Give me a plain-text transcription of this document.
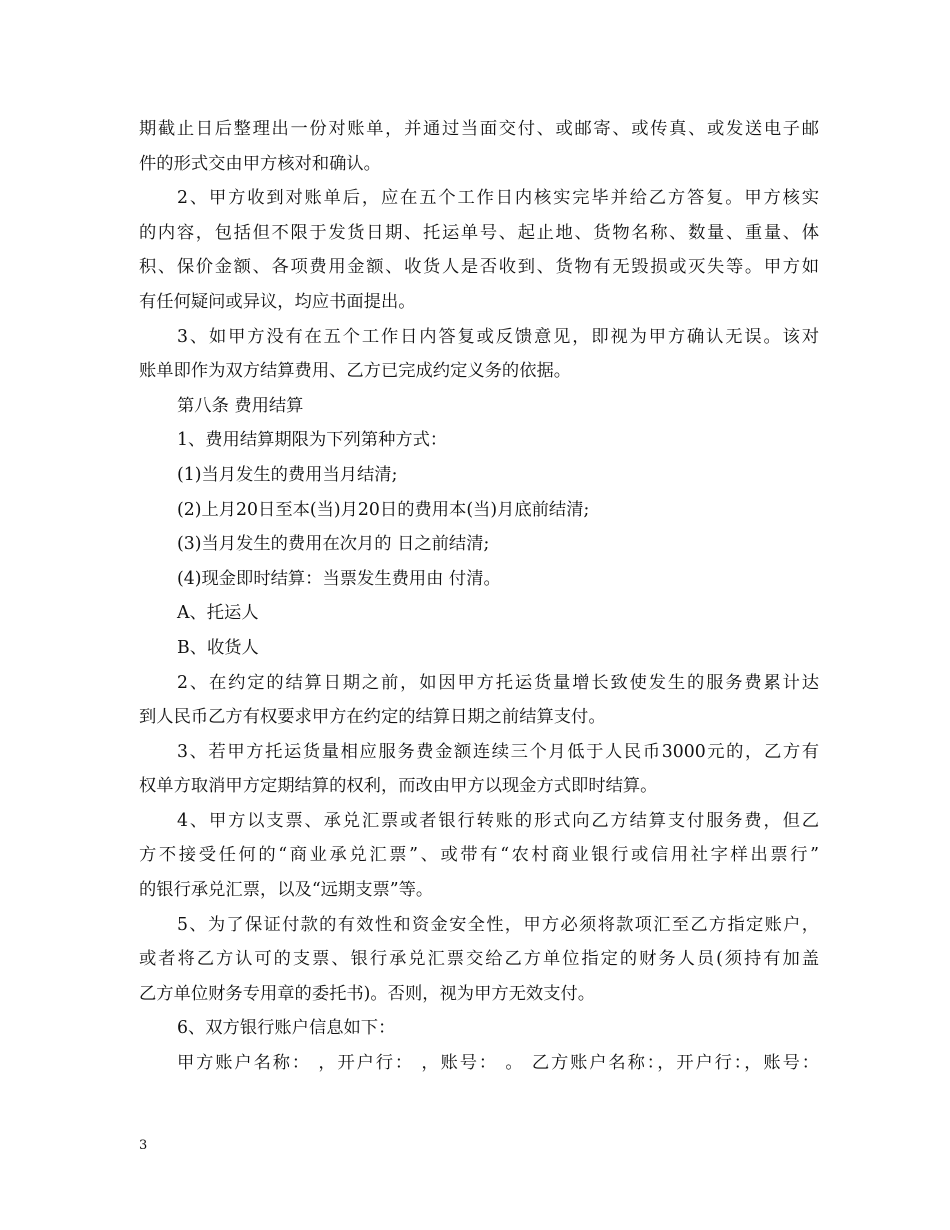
期截止日后整理出一份对账单，并通过当面交付、或邮寄、或传真、或发送电子邮
件的形式交由甲方核对和确认。
2、甲方收到对账单后，应在五个工作日内核实完毕并给乙方答复。甲方核实
的内容，包括但不限于发货日期、托运单号、起止地、货物名称、数量、重量、体
积、保价金额、各项费用金额、收货人是否收到、货物有无毁损或灭失等。甲方如
有任何疑问或异议，均应书面提出。
3、如甲方没有在五个工作日内答复或反馈意见，即视为甲方确认无误。该对
账单即作为双方结算费用、乙方已完成约定义务的依据。
第八条 费用结算
1、费用结算期限为下列第种方式：
(1)当月发生的费用当月结清;
(2)上月20日至本(当)月20日的费用本(当)月底前结清;
(3)当月发生的费用在次月的 日之前结清;
(4)现金即时结算：当票发生费用由 付清。
A、托运人
B、收货人
2、在约定的结算日期之前，如因甲方托运货量增长致使发生的服务费累计达
到人民币乙方有权要求甲方在约定的结算日期之前结算支付。
3、若甲方托运货量相应服务费金额连续三个月低于人民币3000元的，乙方有
权单方取消甲方定期结算的权利，而改由甲方以现金方式即时结算。
4、甲方以支票、承兑汇票或者银行转账的形式向乙方结算支付服务费，但乙
方不接受任何的“商业承兑汇票”、或带有“农村商业银行或信用社字样出票行”
的银行承兑汇票，以及“远期支票”等。
5、为了保证付款的有效性和资金安全性，甲方必须将款项汇至乙方指定账户，
或者将乙方认可的支票、银行承兑汇票交给乙方单位指定的财务人员(须持有加盖
乙方单位财务专用章的委托书)。否则，视为甲方无效支付。
6、双方银行账户信息如下：
甲方账户名称： ，开户行： ，账号： 。 乙方账户名称：，开户行：，账号：
3
